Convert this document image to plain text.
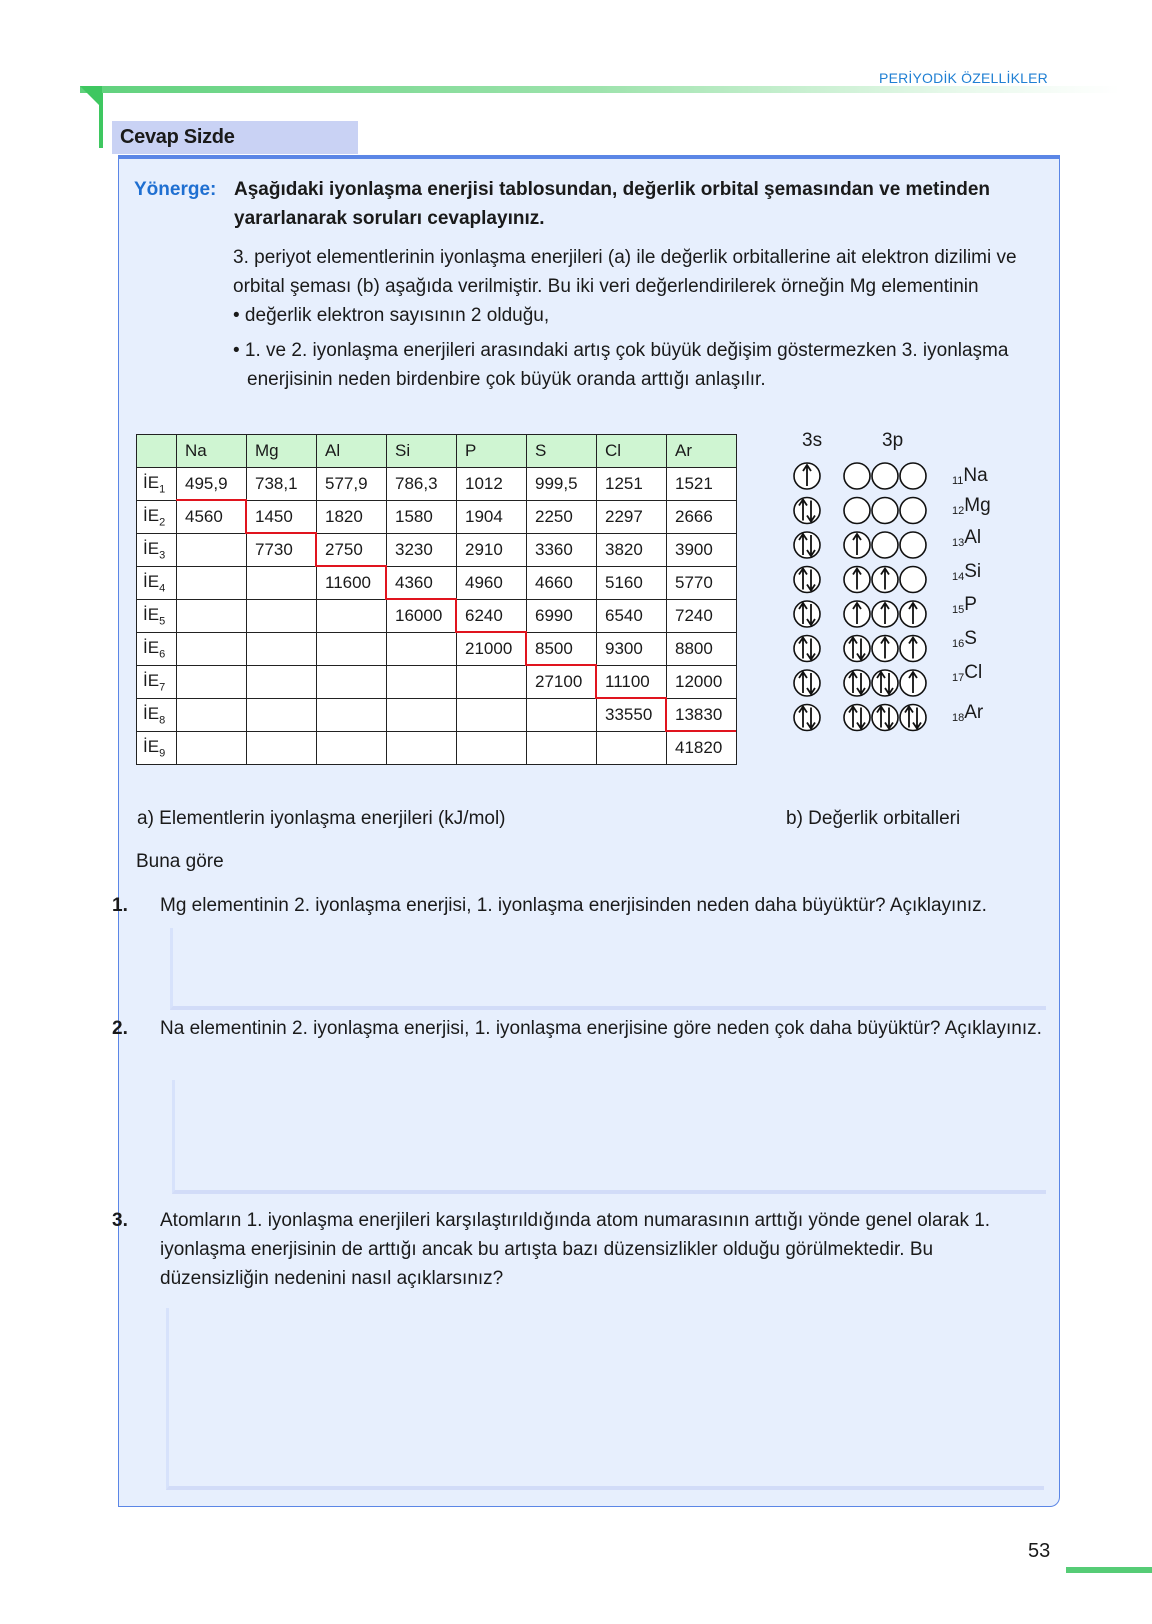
PERİYODİK ÖZELLİKLER
Cevap Sizde
Yönerge: Aşağıdaki iyonlaşma enerjisi tablosundan, değerlik orbital şemasından ve metinden yararlanarak soruları cevaplayınız.
3. periyot elementlerinin iyonlaşma enerjileri (a) ile değerlik orbitallerine ait elektron dizilimi ve orbital şeması (b) aşağıda verilmiştir. Bu iki veri değerlendirilerek örneğin Mg elementinin
• değerlik elektron sayısının 2 olduğu,
• 1. ve 2. iyonlaşma enerjileri arasındaki artış çok büyük değişim göstermezken 3. iyonlaşma enerjisinin neden birdenbire çok büyük oranda arttığı anlaşılır.
	Na	Mg	Al	Si	P	S	Cl	Ar
$İE_1$	495,9	738,1	577,9	786,3	1012	999,5	1251	1521
$İE_2$	4560	1450	1820	1580	1904	2250	2297	2666
$İE_3$		7730	2750	3230	2910	3360	3820	3900
$İE_4$			11600	4360	4960	4660	5160	5770
$İE_5$				16000	6240	6990	6540	7240
$İE_6$					21000	8500	9300	8800
$İE_7$						27100	11100	12000
$İE_8$							33550	13830
$İE_9$								41820
a) Elementlerin iyonlaşma enerjileri (kJ/mol)
3s	3p
$_{11}$Na
$_{12}$Mg
$_{13}$Al
$_{14}$Si
$_{15}$P
$_{16}$S
$_{17}$Cl
$_{18}$Ar
b) Değerlik orbitalleri
Buna göre
1. Mg elementinin 2. iyonlaşma enerjisi, 1. iyonlaşma enerjisinden neden daha büyüktür? Açıklayınız.
2. Na elementinin 2. iyonlaşma enerjisi, 1. iyonlaşma enerjisine göre neden çok daha büyüktür? Açıklayınız.
3. Atomların 1. iyonlaşma enerjileri karşılaştırıldığında atom numarasının arttığı yönde genel olarak 1. iyonlaşma enerjisinin de arttığı ancak bu artışta bazı düzensizlikler olduğu görülmektedir. Bu düzensizliğin nedenini nasıl açıklarsınız?
53
